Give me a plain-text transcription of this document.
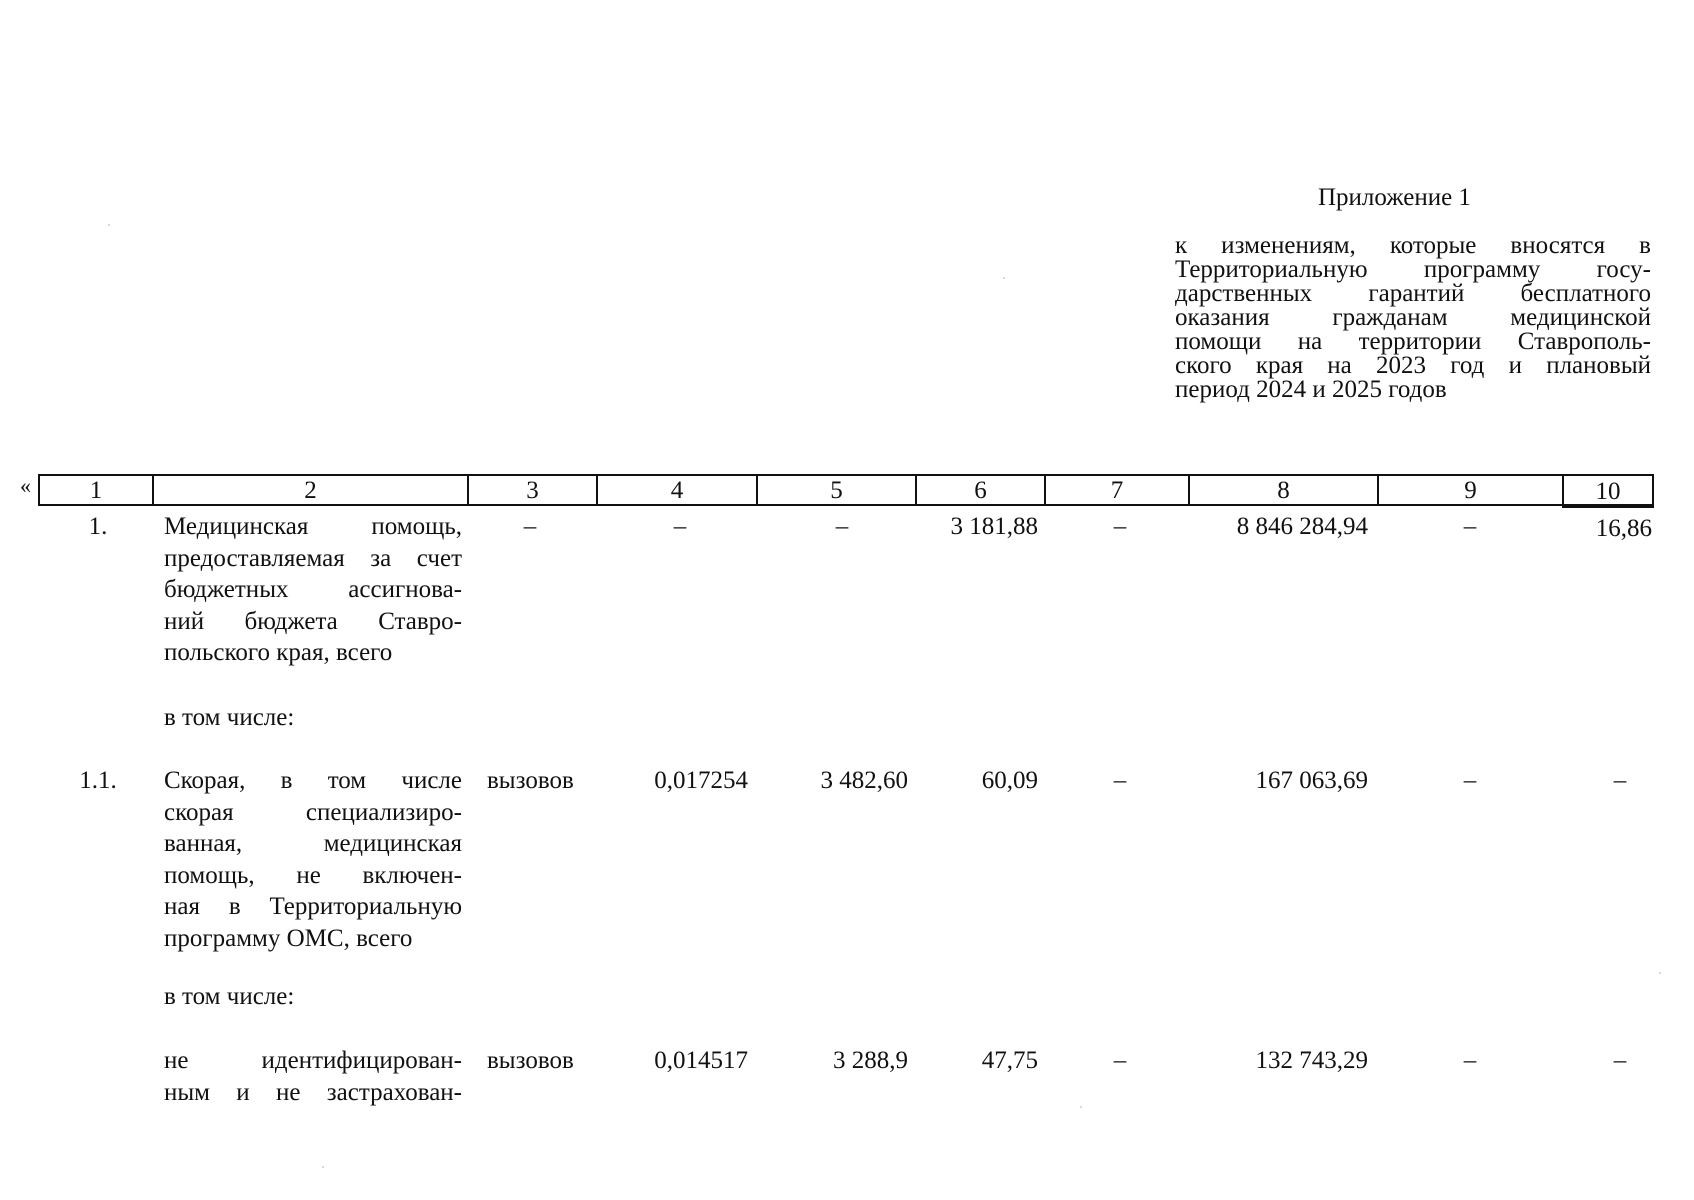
Приложение 1
к изменениям, которые вносятся в
Территориальную программу госу-
дарственных гарантий бесплатного
оказания гражданам медицинской
помощи на территории Ставрополь-
ского края на 2023 год и плановый
период 2024 и 2025 годов
«	1	2	3	4	5	6	7	8	9	10
1.	Медицинская помощь,
предоставляемая за счет
бюджетных ассигнова-
ний бюджета Ставро-
польского края, всего
–	–	–	3 181,88	–	8 846 284,94	–	16,86
в том числе:
1.1.	Скорая, в том числе
скорая специализиро-
ванная, медицинская
помощь, не включен-
ная в Территориальную
программу ОМС, всего
вызовов	0,017254	3 482,60	60,09	–	167 063,69	–	–
в том числе:
не идентифицирован-
ным и не застрахован-
вызовов	0,014517	3 288,9	47,75	–	132 743,29	–	–
